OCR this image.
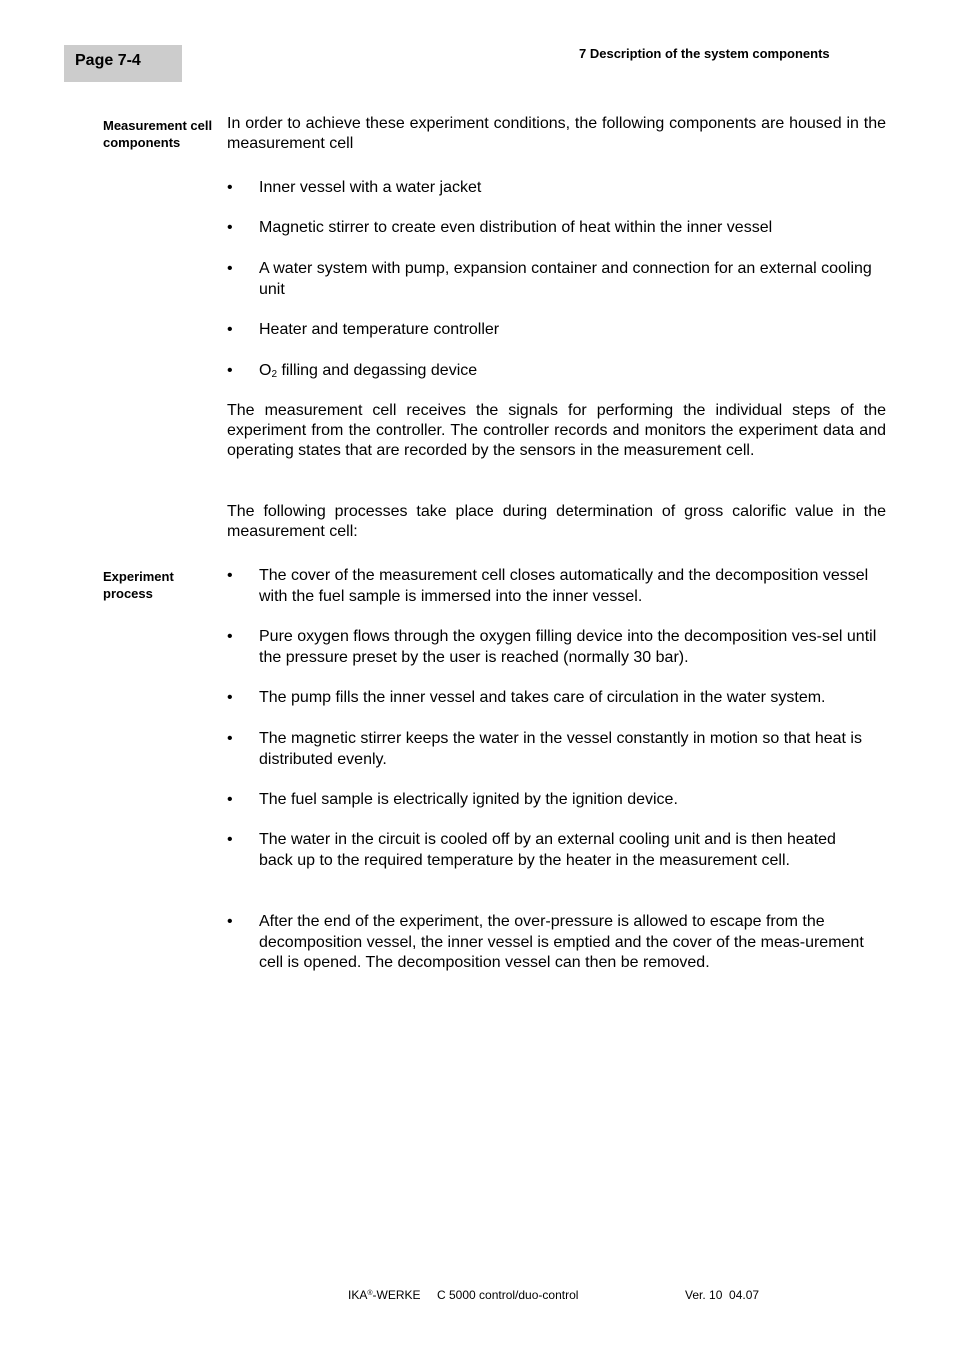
Page 7-4	7 Description of the system components
Measurement cell components

In order to achieve these experiment conditions, the following components are housed in the measurement cell

• Inner vessel with a water jacket
• Magnetic stirrer to create even distribution of heat within the inner vessel
• A water system with pump, expansion container and connection for an external cooling unit
• Heater and temperature controller
• $O_2$ filling and degassing device

The measurement cell receives the signals for performing the individual steps of the experiment from the controller. The controller records and monitors the experiment data and operating states that are recorded by the sensors in the measurement cell.

The following processes take place during determination of gross calorific value in the measurement cell:

Experiment process
• The cover of the measurement cell closes automatically and the decomposition vessel with the fuel sample is immersed into the inner vessel.
• Pure oxygen flows through the oxygen filling device into the decomposition ves-sel until the pressure preset by the user is reached (normally 30 bar).
• The pump fills the inner vessel and takes care of circulation in the water system.
• The magnetic stirrer keeps the water in the vessel constantly in motion so that heat is distributed evenly.
• The fuel sample is electrically ignited by the ignition device.
• The water in the circuit is cooled off by an external cooling unit and is then heated back up to the required temperature by the heater in the measurement cell.
• After the end of the experiment, the over-pressure is allowed to escape from the decomposition vessel, the inner vessel is emptied and the cover of the meas-urement cell is opened. The decomposition vessel can then be removed.
IKA®-WERKE C 5000 control/duo-control	Ver. 10  04.07
